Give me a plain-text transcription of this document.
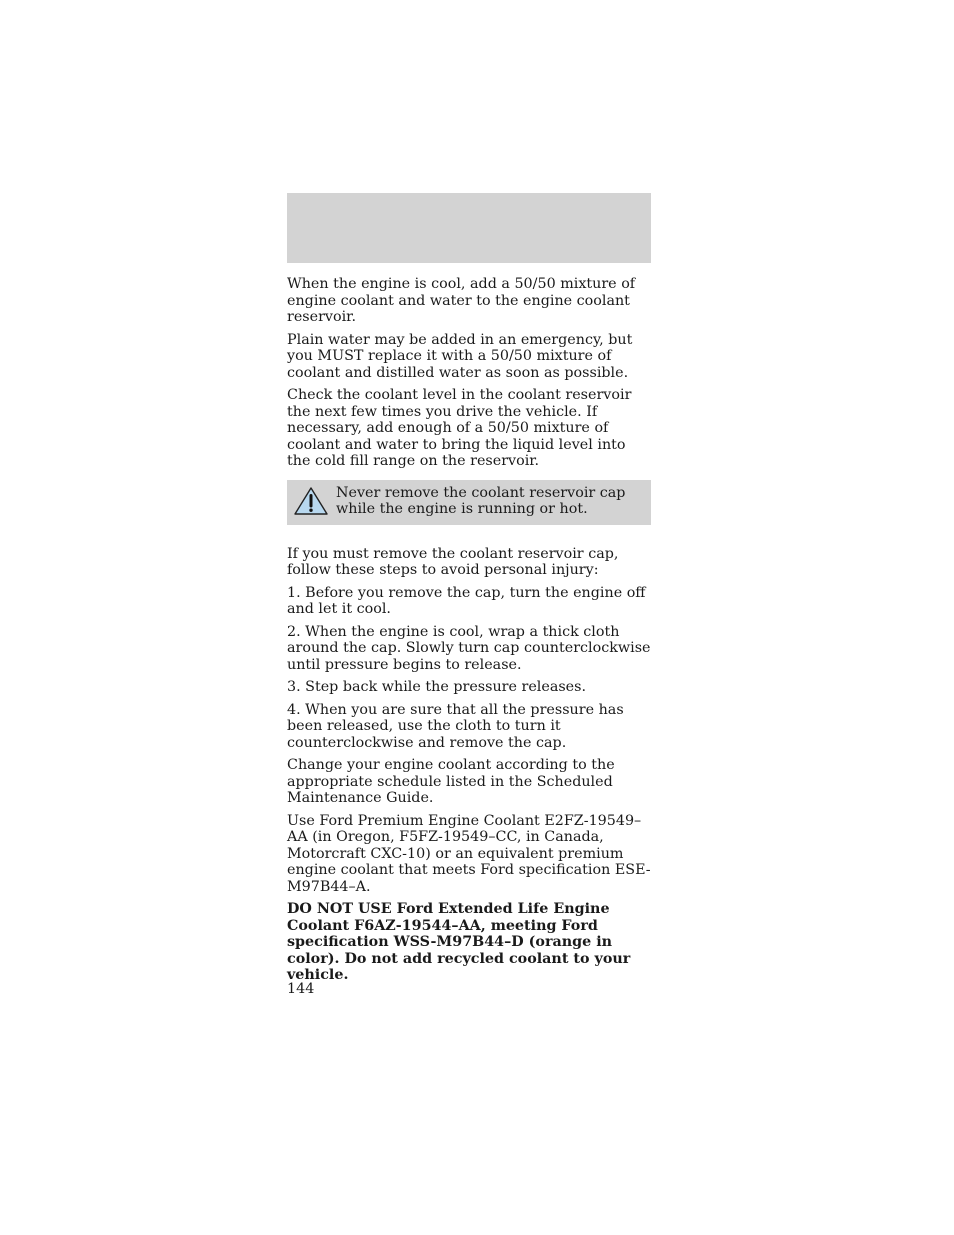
When the engine is cool, add a 50/50 mixture of engine coolant and water to the engine coolant reservoir.

Plain water may be added in an emergency, but you MUST replace it with a 50/50 mixture of coolant and distilled water as soon as possible.

Check the coolant level in the coolant reservoir the next few times you drive the vehicle. If necessary, add enough of a 50/50 mixture of coolant and water to bring the liquid level into the cold fill range on the reservoir.

Never remove the coolant reservoir cap while the engine is running or hot.

If you must remove the coolant reservoir cap, follow these steps to avoid personal injury:

1. Before you remove the cap, turn the engine off and let it cool.

2. When the engine is cool, wrap a thick cloth around the cap. Slowly turn cap counterclockwise until pressure begins to release.

3. Step back while the pressure releases.

4. When you are sure that all the pressure has been released, use the cloth to turn it counterclockwise and remove the cap.

Change your engine coolant according to the appropriate schedule listed in the Scheduled Maintenance Guide.

Use Ford Premium Engine Coolant E2FZ-19549–AA (in Oregon, F5FZ-19549–CC, in Canada, Motorcraft CXC-10) or an equivalent premium engine coolant that meets Ford specification ESE-M97B44–A.

DO NOT USE Ford Extended Life Engine Coolant F6AZ-19544–AA, meeting Ford specification WSS-M97B44–D (orange in color). Do not add recycled coolant to your vehicle.

144
